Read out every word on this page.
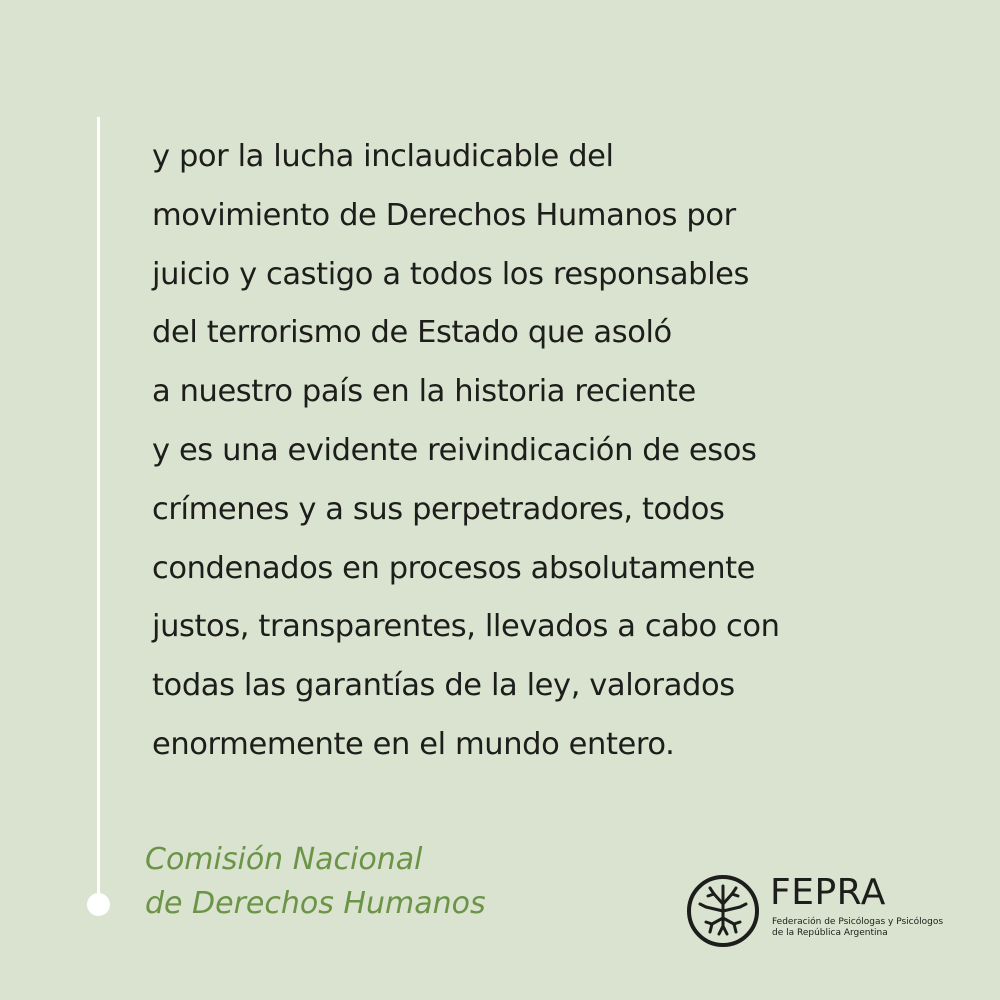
y por la lucha inclaudicable del
movimiento de Derechos Humanos por
juicio y castigo a todos los responsables
del terrorismo de Estado que asoló
a nuestro país en la historia reciente
y es una evidente reivindicación de esos
crímenes y a sus perpetradores, todos
condenados en procesos absolutamente
justos, transparentes, llevados a cabo con
todas las garantías de la ley, valorados
enormemente en el mundo entero.

Comisión Nacional
de Derechos Humanos	FEPRA
Federación de Psicólogas y Psicólogos
de la República Argentina
